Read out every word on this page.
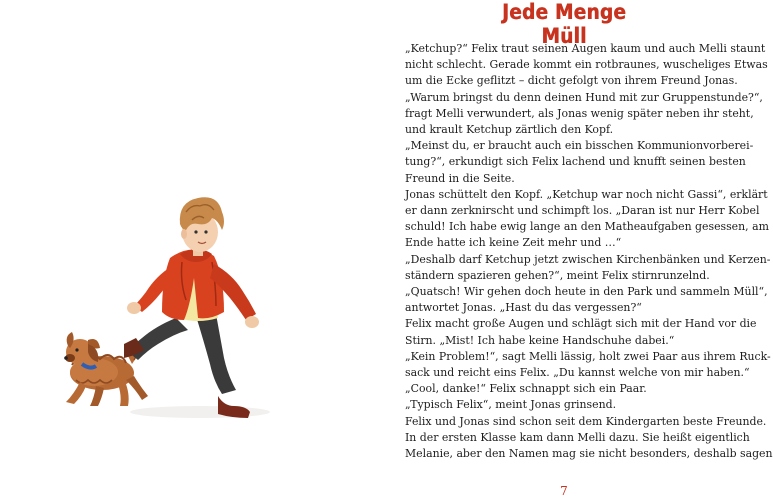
Jede Menge Müll
„Ketchup?“ Felix traut seinen Augen kaum und auch Melli staunt
nicht schlecht. Gerade kommt ein rotbraunes, wuscheliges Etwas
um die Ecke geflitzt – dicht gefolgt von ihrem Freund Jonas.
„Warum bringst du denn deinen Hund mit zur Gruppenstunde?“,
fragt Melli verwundert, als Jonas wenig später neben ihr steht,
und krault Ketchup zärtlich den Kopf.
„Meinst du, er braucht auch ein bisschen Kommunionvorberei-
tung?“, erkundigt sich Felix lachend und knufft seinen besten
Freund in die Seite.
Jonas schüttelt den Kopf. „Ketchup war noch nicht Gassi“, erklärt
er dann zerknirscht und schimpft los. „Daran ist nur Herr Kobel
schuld! Ich habe ewig lange an den Matheaufgaben gesessen, am
Ende hatte ich keine Zeit mehr und …“
„Deshalb darf Ketchup jetzt zwischen Kirchenbänken und Kerzen-
ständern spazieren gehen?“, meint Felix stirnrunzelnd.
„Quatsch! Wir gehen doch heute in den Park und sammeln Müll“,
antwortet Jonas. „Hast du das vergessen?“
Felix macht große Augen und schlägt sich mit der Hand vor die
Stirn. „Mist! Ich habe keine Handschuhe dabei.“
„Kein Problem!“, sagt Melli lässig, holt zwei Paar aus ihrem Ruck-
sack und reicht eins Felix. „Du kannst welche von mir haben.“
„Cool, danke!“ Felix schnappt sich ein Paar.
„Typisch Felix“, meint Jonas grinsend.
Felix und Jonas sind schon seit dem Kindergarten beste Freunde.
In der ersten Klasse kam dann Melli dazu. Sie heißt eigentlich
Melanie, aber den Namen mag sie nicht besonders, deshalb sagen
7
